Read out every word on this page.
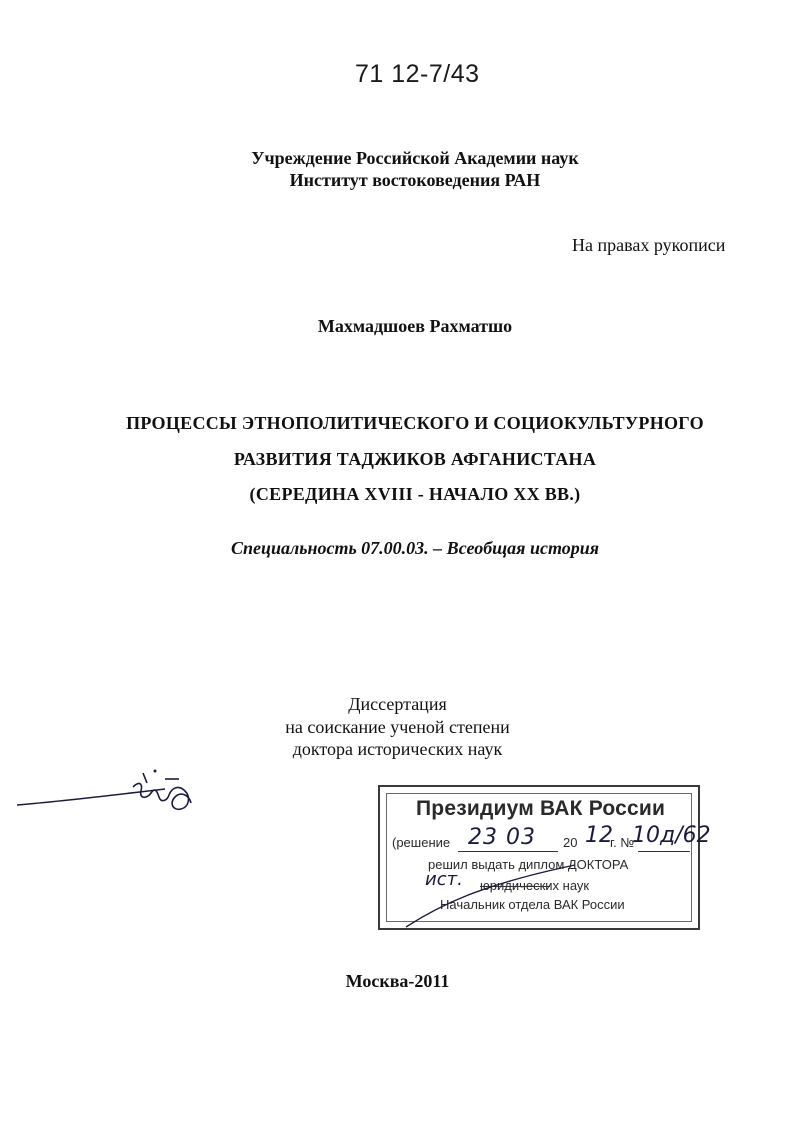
71 12-7/43
Учреждение Российской Академии наук
Институт востоковедения РАН
На правах рукописи
Махмадшоев Рахматшо
ПРОЦЕССЫ ЭТНОПОЛИТИЧЕСКОГО И СОЦИОКУЛЬТУРНОГО
РАЗВИТИЯ ТАДЖИКОВ АФГАНИСТАНА
(СЕРЕДИНА XVIII - НАЧАЛО XX ВВ.)
Специальность 07.00.03. – Всеобщая история
Диссертация
на соискание ученой степени
доктора исторических наук
Президиум ВАК России
(решение	20	г. №
решил выдать диплом ДОКТОРА
юридических наук
Начальник отдела ВАК России
23 03 12 10д/62
ист.
Москва-2011
